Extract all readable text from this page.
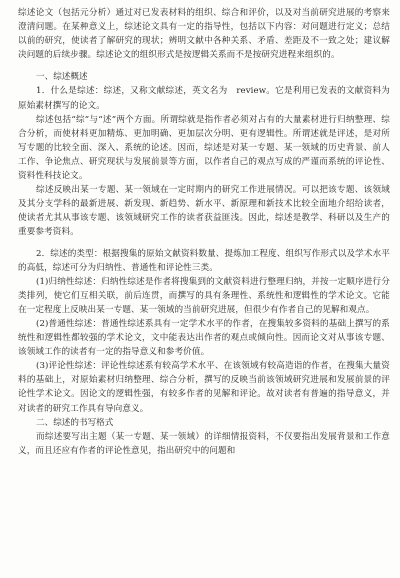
综述论文（包括元分析）通过对已发表材料的组织、综合和评价，以及对当前研究进展的考察来澄清问题。在某种意义上，综述论文具有一定的指导性，包括以下内容：对问题进行定义；总结以前的研究，使读者了解研究的现状；辨明文献中各种关系、矛盾、差距及不一致之处；建议解决问题的后续步骤。综述论文的组织形式是按逻辑关系而不是按研究进程来组织的。

一、综述概述

1．什么是综述：综述，又称文献综述，英文名为　review。它是利用已发表的文献资料为原始素材撰写的论文。

综述包括“综”与“述”两个方面。所谓综就是指作者必须对占有的大量素材进行归纳整理、综合分析，而使材料更加精炼、更加明确、更加层次分明、更有逻辑性。所谓述就是评述，是对所写专题的比较全面、深入、系统的论述。因而，综述是对某一专题、某一领域的历史背景、前人工作、争论焦点、研究现状与发展前景等方面，以作者自己的观点写成的严谨而系统的评论性、资料性科技论文。

综述反映出某一专题、某一领域在一定时期内的研究工作进展情况。可以把该专题、该领域及其分支学科的最新进展、新发现、新趋势、新水平、新原理和新技术比较全面地介绍给读者，使读者尤其从事该专题、该领域研究工作的读者获益匪浅。因此，综述是教学、科研以及生产的重要参考资料。

2．综述的类型：根据搜集的原始文献资料数量、提炼加工程度、组织写作形式以及学术水平的高低，综述可分为归纳性、普通性和评论性三类。

(1)归纳性综述：归纳性综述是作者将搜集到的文献资料进行整理归纳，并按一定顺序进行分类排列，使它们互相关联，前后连贯，而撰写的具有条理性、系统性和逻辑性的学术论文。它能在一定程度上反映出某一专题、某一领域的当前研究进展，但很少有作者自己的见解和观点。

(2)普通性综述：普通性综述系具有一定学术水平的作者，在搜集较多资料的基础上撰写的系统性和逻辑性都较强的学术论文，文中能表达出作者的观点或倾向性。因而论文对从事该专题、该领域工作的读者有一定的指导意义和参考价值。

(3)评论性综述：评论性综述系有较高学术水平、在该领域有较高造诣的作者，在搜集大量资料的基础上，对原始素材归纳整理、综合分析，撰写的反映当前该领域研究进展和发展前景的评论性学术论文。因论文的逻辑性强，有较多作者的见解和评论。故对读者有普遍的指导意义，并对读者的研究工作具有导向意义。

二、综述的书写格式

而综述要写出主题（某一专题、某一领域）的详细情报资料，不仅要指出发展背景和工作意义，而且还应有作者的评论性意见，指出研究中的问题和
